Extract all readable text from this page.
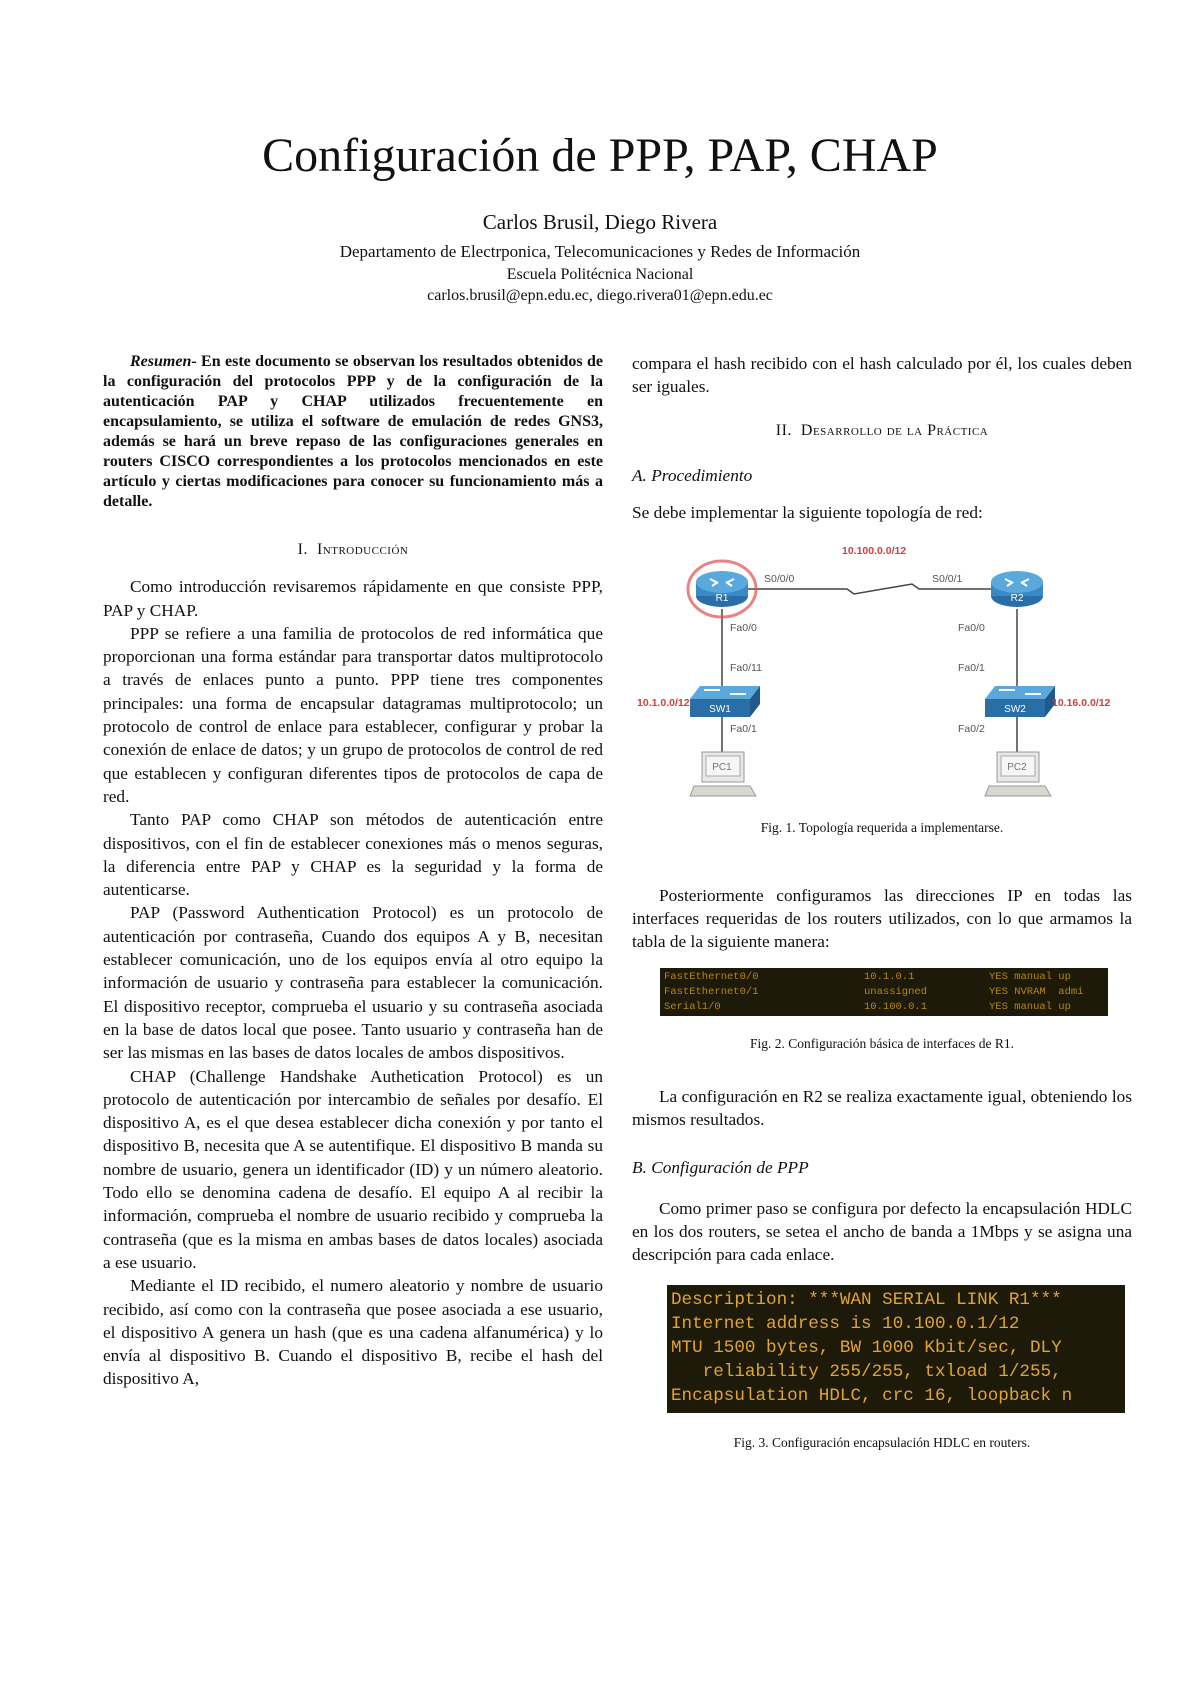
Configuración de PPP, PAP, CHAP
Carlos Brusil, Diego Rivera
Departamento de Electrponica, Telecomunicaciones y Redes de Información
Escuela Politécnica Nacional
carlos.brusil@epn.edu.ec, diego.rivera01@epn.edu.ec

Resumen- En este documento se observan los resultados obtenidos de la configuración del protocolos PPP y de la configuración de la autenticación PAP y CHAP utilizados frecuentemente en encapsulamiento, se utiliza el software de emulación de redes GNS3, además se hará un breve repaso de las configuraciones generales en routers CISCO correspondientes a los protocolos mencionados en este artículo y ciertas modificaciones para conocer su funcionamiento más a detalle.

I. Introducción

Como introducción revisaremos rápidamente en que consiste PPP, PAP y CHAP.

PPP se refiere a una familia de protocolos de red informática que proporcionan una forma estándar para transportar datos multiprotocolo a través de enlaces punto a punto. PPP tiene tres componentes principales: una forma de encapsular datagramas multiprotocolo; un protocolo de control de enlace para establecer, configurar y probar la conexión de enlace de datos; y un grupo de protocolos de control de red que establecen y configuran diferentes tipos de protocolos de capa de red.

Tanto PAP como CHAP son métodos de autenticación entre dispositivos, con el fin de establecer conexiones más o menos seguras, la diferencia entre PAP y CHAP es la seguridad y la forma de autenticarse.

PAP (Password Authentication Protocol) es un protocolo de autenticación por contraseña, Cuando dos equipos A y B, necesitan establecer comunicación, uno de los equipos envía al otro equipo la información de usuario y contraseña para establecer la comunicación. El dispositivo receptor, comprueba el usuario y su contraseña asociada en la base de datos local que posee. Tanto usuario y contraseña han de ser las mismas en las bases de datos locales de ambos dispositivos.

CHAP (Challenge Handshake Authetication Protocol) es un protocolo de autenticación por intercambio de señales por desafío. El dispositivo A, es el que desea establecer dicha conexión y por tanto el dispositivo B, necesita que A se autentifique. El dispositivo B manda su nombre de usuario, genera un identificador (ID) y un número aleatorio. Todo ello se denomina cadena de desafío. El equipo A al recibir la información, comprueba el nombre de usuario recibido y comprueba la contraseña (que es la misma en ambas bases de datos locales) asociada a ese usuario.

Mediante el ID recibido, el numero aleatorio y nombre de usuario recibido, así como con la contraseña que posee asociada a ese usuario, el dispositivo A genera un hash (que es una cadena alfanumérica) y lo envía al dispositivo B. Cuando el dispositivo B, recibe el hash del dispositivo A,

compara el hash recibido con el hash calculado por él, los cuales deben ser iguales.

II. Desarrollo de la Práctica
A. Procedimiento

Se debe implementar la siguiente topología de red:

R1	R2
SW1	SW2
PC1	PC2
10.100.0.0/12
S0/0/0	S0/0/1
Fa0/0
Fa0/11
Fa0/1
Fa0/0
Fa0/1
Fa0/2
10.1.0.0/12	10.16.0.0/12

Fig. 1. Topología requerida a implementarse.

Posteriormente configuramos las direcciones IP en todas las interfaces requeridas de los routers utilizados, con lo que armamos la tabla de la siguiente manera:

FastEthernet0/0	10.1.0.1	YES manual up
FastEthernet0/1	unassigned	YES NVRAM  admi
Serial1/0	10.100.0.1	YES manual up

Fig. 2. Configuración básica de interfaces de R1.

La configuración en R2 se realiza exactamente igual, obteniendo los mismos resultados.

B. Configuración de PPP

Como primer paso se configura por defecto la encapsulación HDLC en los dos routers, se setea el ancho de banda a 1Mbps y se asigna una descripción para cada enlace.

Description: ***WAN SERIAL LINK R1***
Internet address is 10.100.0.1/12
MTU 1500 bytes, BW 1000 Kbit/sec, DLY
reliability 255/255, txload 1/255,
Encapsulation HDLC, crc 16, loopback n

Fig. 3. Configuración encapsulación HDLC en routers.
